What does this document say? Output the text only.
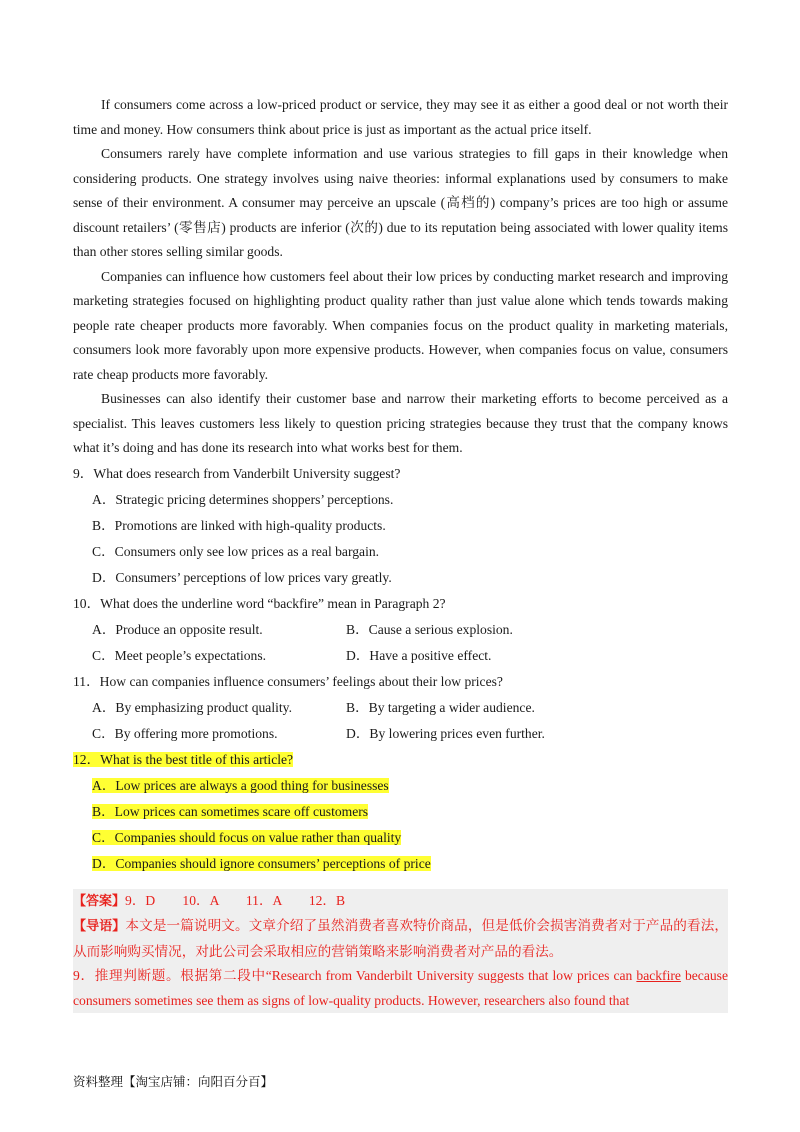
If consumers come across a low-priced product or service, they may see it as either a good deal or not worth their time and money. How consumers think about price is just as important as the actual price itself.

Consumers rarely have complete information and use various strategies to fill gaps in their knowledge when considering products. One strategy involves using naive theories: informal explanations used by consumers to make sense of their environment. A consumer may perceive an upscale (高档的) company’s prices are too high or assume discount retailers’ (零售店) products are inferior (次的) due to its reputation being associated with lower quality items than other stores selling similar goods.

Companies can influence how customers feel about their low prices by conducting market research and improving marketing strategies focused on highlighting product quality rather than just value alone which tends towards making people rate cheaper products more favorably. When companies focus on the product quality in marketing materials, consumers look more favorably upon more expensive products. However, when companies focus on value, consumers rate cheap products more favorably.

Businesses can also identify their customer base and narrow their marketing efforts to become perceived as a specialist. This leaves customers less likely to question pricing strategies because they trust that the company knows what it’s doing and has done its research into what works best for them.

9．What does research from Vanderbilt University suggest?

A．Strategic pricing determines shoppers’ perceptions.

B．Promotions are linked with high-quality products.

C．Consumers only see low prices as a real bargain.

D．Consumers’ perceptions of low prices vary greatly.

10．What does the underline word “backfire” mean in Paragraph 2?

A．Produce an opposite result.	B．Cause a serious explosion.
C．Meet people’s expectations.	D．Have a positive effect.

11．How can companies influence consumers’ feelings about their low prices?

A．By emphasizing product quality.	B．By targeting a wider audience.
C．By offering more promotions.	D．By lowering prices even further.

12．What is the best title of this article?

A．Low prices are always a good thing for businesses

B．Low prices can sometimes scare off customers

C．Companies should focus on value rather than quality

D．Companies should ignore consumers’ perceptions of price

【答案】9．D 10．A 11．A 12．B

【导语】本文是一篇说明文。文章介绍了虽然消费者喜欢特价商品，但是低价会损害消费者对于产品的看法，从而影响购买情况，对此公司会采取相应的营销策略来影响消费者对产品的看法。

9．推理判断题。根据第二段中“Research from Vanderbilt University suggests that low prices can backfire because consumers sometimes see them as signs of low-quality products. However, researchers also found that

资料整理【淘宝店铺：向阳百分百】
